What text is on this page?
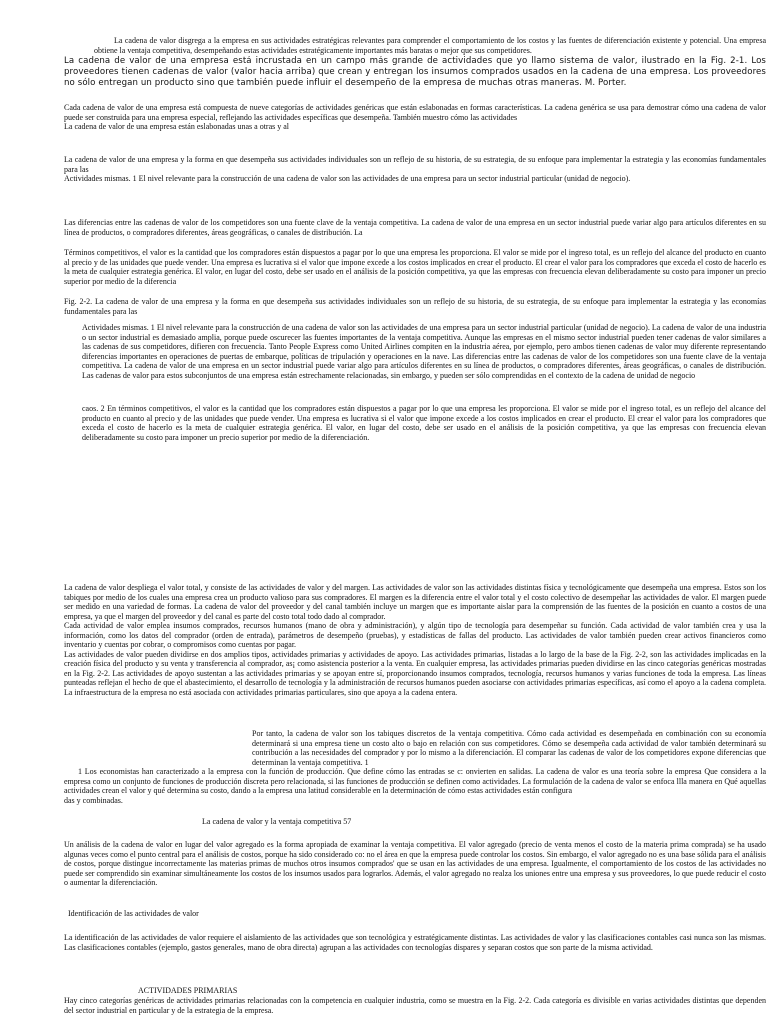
La cadena de valor disgrega a la empresa en sus actividades estratégicas relevantes para comprender el comportamiento de los costos y las fuentes de diferenciación existente y potencial. Una empresa obtiene la ventaja competitiva, desempeñando estas actividades estratégicamente importantes más baratas o mejor que sus competidores.

La cadena de valor de una empresa está incrustada en un campo más grande de actividades que yo llamo sistema de valor, ilustrado en la Fig. 2-1. Los proveedores tienen cadenas de valor (valor hacia arriba) que crean y entregan los insumos comprados usados en la cadena de una empresa. Los proveedores no sólo entregan un producto sino que también puede influir el desempeño de la empresa de muchas otras maneras. M. Porter.

Cada cadena de valor de una empresa está compuesta de nueve categorías de actividades genéricas que están eslabonadas en formas características. La cadena genérica se usa para demostrar cómo una cadena de valor puede ser construida para una empresa especial, reflejando las actividades específicas que desempeña. También muestro cómo las actividades

La cadena de valor de una empresa están eslabonadas unas a otras y al

La cadena de valor de una empresa y la forma en que desempeña sus actividades individuales son un reflejo de su historia, de su estrategia, de su enfoque para implementar la estrategia y las economías fundamentales para las

Actividades mismas. 1 El nivel relevante para la construcción de una cadena de valor son las actividades de una empresa para un sector industrial particular (unidad de negocio).

Las diferencias entre las cadenas de valor de los competidores son una fuente clave de la ventaja competitiva. La cadena de valor de una empresa en un sector industrial puede variar algo para artículos diferentes en su línea de productos, o compradores diferentes, áreas geográficas, o canales de distribución. La

Términos competitivos, el valor es la cantidad que los compradores están dispuestos a pagar por lo que una empresa les proporciona. El valor se mide por el ingreso total, es un reflejo del alcance del producto en cuanto al precio y de las unidades que puede vender. Una empresa es lucrativa si el valor que impone excede a los costos implicados en crear el producto. El crear el valor para los compradores que exceda el costo de hacerlo es la meta de cualquier estrategia genérica. El valor, en lugar del costo, debe ser usado en el análisis de la posición competitiva, ya que las empresas con frecuencia elevan deliberadamente su costo para imponer un precio superior por medio de la diferencia

Fig. 2-2. La cadena de valor de una empresa y la forma en que desempeña sus actividades individuales son un reflejo de su historia, de su estrategia, de su enfoque para implementar la estrategia y las economías fundamentales para las

Actividades mismas. 1 El nivel relevante para la construcción de una cadena de valor son las actividades de una empresa para un sector industrial particular (unidad de negocio). La cadena de valor de una industria o un sector industrial es demasiado amplia, porque puede oscurecer las fuentes importantes de la ventaja competitiva. Aunque las empresas en el mismo sector industrial pueden tener cadenas de valor similares a las cadenas de sus competidores, difieren con frecuencia. Tanto People Express como United Airlines compiten en la industria aérea, por ejemplo, pero ambos tienen cadenas de valor muy diferente representando diferencias importantes en operaciones de puertas de embarque, políticas de tripulación y operaciones en la nave. Las diferencias entre las cadenas de valor de los competidores son una fuente clave de la ventaja competitiva. La cadena de valor de una empresa en un sector industrial puede variar algo para artículos diferentes en su línea de productos, o compradores diferentes, áreas geográficas, o canales de distribución. Las cadenas de valor para estos subconjuntos de una empresa están estrechamente relacionadas, sin embargo, y pueden ser sólo comprendidas en el contexto de la cadena de unidad de negocio

caos. 2 En términos competitivos, el valor es la cantidad que los compradores están dispuestos a pagar por lo que una empresa les proporciona. El valor se mide por el ingreso total, es un reflejo del alcance del producto en cuanto al precio y de las unidades que puede vender. Una empresa es lucrativa si el valor que impone excede a los costos implicados en crear el producto. El crear el valor para los compradores que exceda el costo de hacerlo es la meta de cualquier estrategia genérica. El valor, en lugar del costo, debe ser usado en el análisis de la posición competitiva, ya que las empresas con frecuencia elevan deliberadamente su costo para imponer un precio superior por medio de la diferenciación.

La cadena de valor despliega el valor total, y consiste de las actividades de valor y del margen. Las actividades de valor son las actividades distintas física y tecnológicamente que desempeña una empresa. Estos son los tabiques por medio de los cuales una empresa crea un producto valioso para sus compradores. El margen es la diferencia entre el valor total y el costo colectivo de desempeñar las actividades de valor. El margen puede ser medido en una variedad de formas. La cadena de valor del proveedor y del canal también incluye un margen que es importante aislar para la comprensión de las fuentes de la posición en cuanto a costos de una empresa, ya que el margen del proveedor y del canal es parte del costo total todo dado al comprador.

Cada actividad de valor emplea insumos comprados, recursos humanos (mano de obra y administración), y algún tipo de tecnología para desempeñar su función. Cada actividad de valor también crea y usa la información, como los datos del comprador (orden de entrada), parámetros de desempeño (pruebas), y estadísticas de fallas del producto. Las actividades de valor también pueden crear activos financieros como inventario y cuentas por cobrar, o compromisos como cuentas por pagar.

Las actividades de valor pueden dividirse en dos amplios tipos, actividades primarias y actividades de apoyo. Las actividades primarias, listadas a lo largo de la base de la Fig. 2-2, son las actividades implicadas en la creación física del producto y su venta y transferencia al comprador, as¡ como asistencia posterior a la venta. En cualquier empresa, las actividades primarias pueden dividirse en las cinco categorías genéricas mostradas en la Fig. 2-2. Las actividades de apoyo sustentan a las actividades primarias y se apoyan entre sí, proporcionando insumos comprados, tecnología, recursos humanos y varias funciones de toda la empresa. Las líneas punteadas reflejan el hecho de que el abastecimiento, el desarrollo de tecnología y la administración de recursos humanos pueden asociarse con actividades primarias específicas, así como el apoyo a la cadena completa. La infraestructura de la empresa no está asociada con actividades primarias particulares, sino que apoya a la cadena entera.

Por tanto, la cadena de valor son los tabiques discretos de la ventaja competitiva. Cómo cada actividad es desempeñada en combinación con su economía determinará si una empresa tiene un costo alto o bajo en relación con sus competidores. Cómo se desempeña cada actividad de valor también determinará su contribución a las necesidades del comprador y por lo mismo a la diferenciación. El comparar las cadenas de valor de los competidores expone diferencias que determinan la ventaja competitiva. 1

1 Los economistas han caracterizado a la empresa con la función de producción. Que define cómo las entradas se c: onvierten en salidas. La cadena de valor es una teoría sobre la empresa Que considera a la empresa como un conjunto de funciones de producción discreta pero relacionada, si las funciones de producción se definen como actividades. La formulación de la cadena de valor se enfoca llla manera en Qué aquellas actividades crean el valor y qué determina su costo, dando a la empresa una latitud considerable en la determinación de cómo estas actividades están configura

das y combinadas.

La cadena de valor y la ventaja competitiva 57

Un análisis de la cadena de valor en lugar del valor agregado es la forma apropiada de examinar la ventaja competitiva. El valor agregado (precio de venta menos el costo de la materia prima comprada) se ha usado algunas veces como el punto central para el análisis de costos, porque ha sido considerado co: no el área en que la empresa puede controlar los costos. Sin embargo, el valor agregado no es una base sólida para el análisis de costos, porque distingue incorrectamente las materias primas de muchos otros insumos comprados' que se usan en las actividades de una empresa. Igualmente, el comportamiento de los costos de las actividades no puede ser comprendido sin examinar simultáneamente los costos de los insumos usados para lograrlos. Además, el valor agregado no realza los uniones entre una empresa y sus proveedores, lo que puede reducir el costo o aumentar la diferenciación.

Identificación de las actividades de valor

La identificación de las actividades de valor requiere el aislamiento de las actividades que son tecnológica y estratégicamente distintas. Las actividades de valor y las clasificaciones contables casi nunca son las mismas. Las clasificaciones contables (ejemplo, gastos generales, mano de obra directa) agrupan a las actividades con tecnologías dispares y separan costos que son parte de la misma actividad.

ACTIVIDADES PRIMARIAS

Hay cinco categorías genéricas de actividades primarias relacionadas con la competencia en cualquier industria, como se muestra en la Fig. 2-2. Cada categoría es divisible en varias actividades distintas que dependen del sector industrial en particular y de la estrategia de la empresa.
